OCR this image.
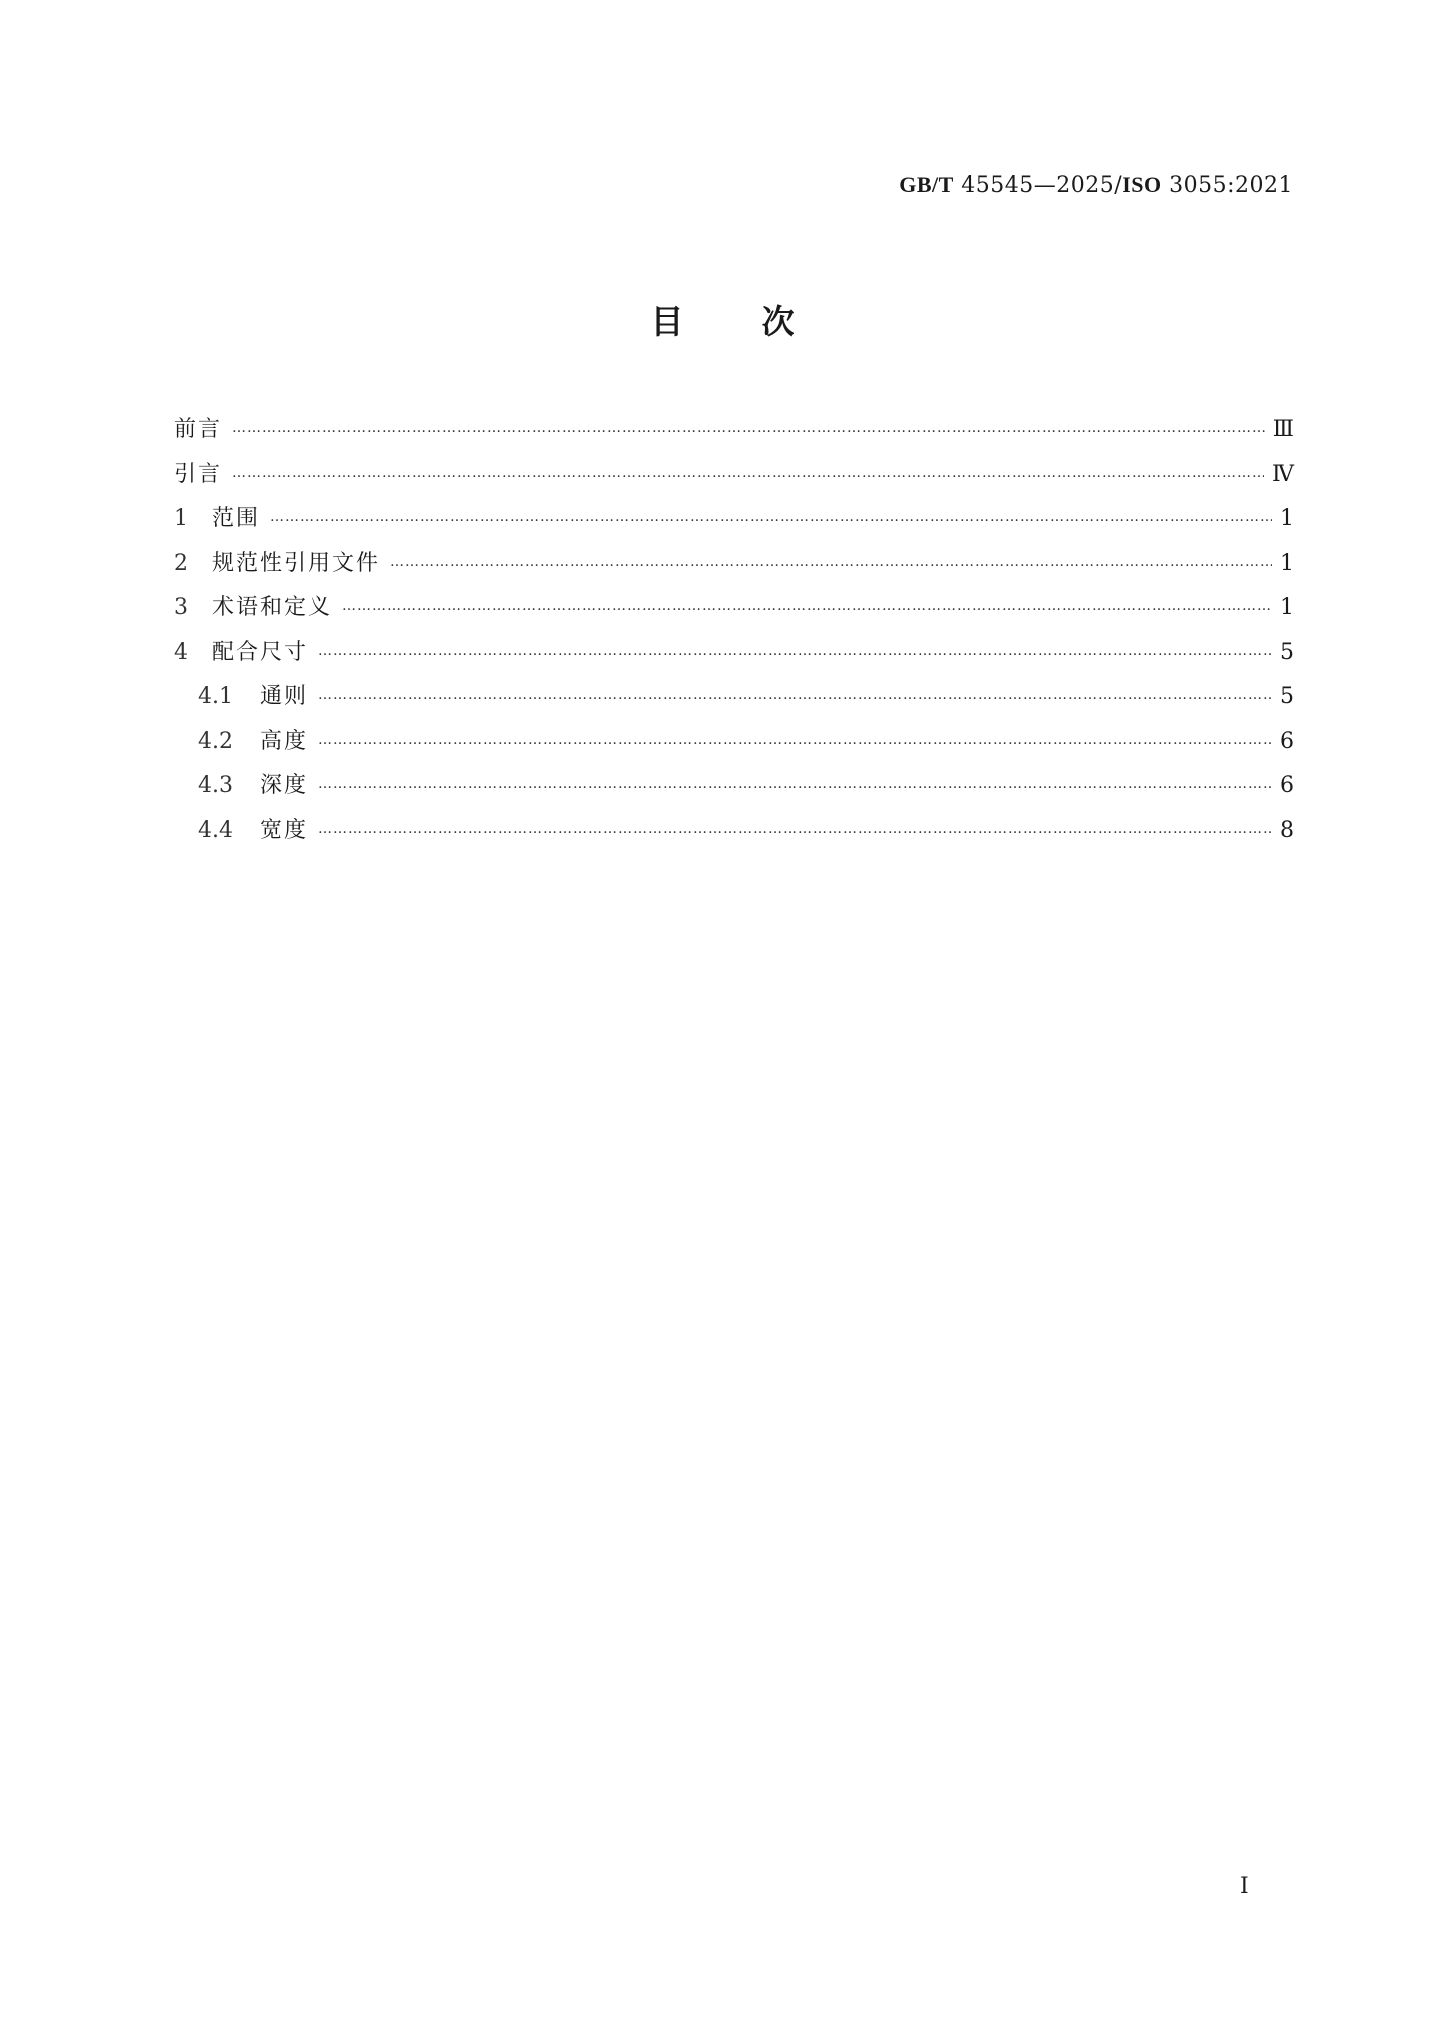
GB/T 45545—2025/ISO 3055:2021
目次
前言 ………………………………………………………………………………………………………………………………………………………………………………………………………………………………………………………………………	Ⅲ
引言 ………………………………………………………………………………………………………………………………………………………………………………………………………………………………………………………………………	Ⅳ
1	范围 ………………………………………………………………………………………………………………………………………………………………………………………………………………………………………………………………………	1
2	规范性引用文件 ………………………………………………………………………………………………………………………………………………………………………………………………………………………………………………………………………	1
3	术语和定义 ………………………………………………………………………………………………………………………………………………………………………………………………………………………………………………………………………	1
4	配合尺寸 ………………………………………………………………………………………………………………………………………………………………………………………………………………………………………………………………………	5
4.1	通则 ………………………………………………………………………………………………………………………………………………………………………………………………………………………………………………………………………	5
4.2	高度 ………………………………………………………………………………………………………………………………………………………………………………………………………………………………………………………………………	6
4.3	深度 ………………………………………………………………………………………………………………………………………………………………………………………………………………………………………………………………………	6
4.4	宽度 ………………………………………………………………………………………………………………………………………………………………………………………………………………………………………………………………………	8
I
